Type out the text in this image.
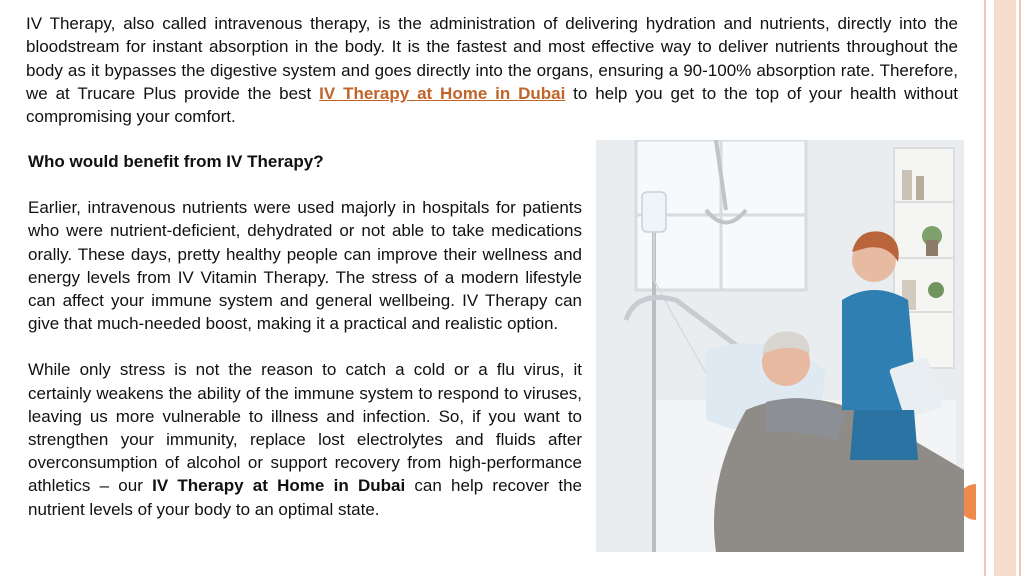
IV Therapy, also called intravenous therapy, is the administration of delivering hydration and nutrients, directly into the bloodstream for instant absorption in the body. It is the fastest and most effective way to deliver nutrients throughout the body as it bypasses the digestive system and goes directly into the organs, ensuring a 90-100% absorption rate. Therefore, we at Trucare Plus provide the best IV Therapy at Home in Dubai to help you get to the top of your health without compromising your comfort.
Who would benefit from IV Therapy?

Earlier, intravenous nutrients were used majorly in hospitals for patients who were nutrient-deficient, dehydrated or not able to take medications orally. These days, pretty healthy people can improve their wellness and energy levels from IV Vitamin Therapy. The stress of a modern lifestyle can affect your immune system and general wellbeing. IV Therapy can give that much-needed boost, making it a practical and realistic option.

While only stress is not the reason to catch a cold or a flu virus, it certainly weakens the ability of the immune system to respond to viruses, leaving us more vulnerable to illness and infection. So, if you want to strengthen your immunity, replace lost electrolytes and fluids after overconsumption of alcohol or support recovery from high-performance athletics – our IV Therapy at Home in Dubai can help recover the nutrient levels of your body to an optimal state.
